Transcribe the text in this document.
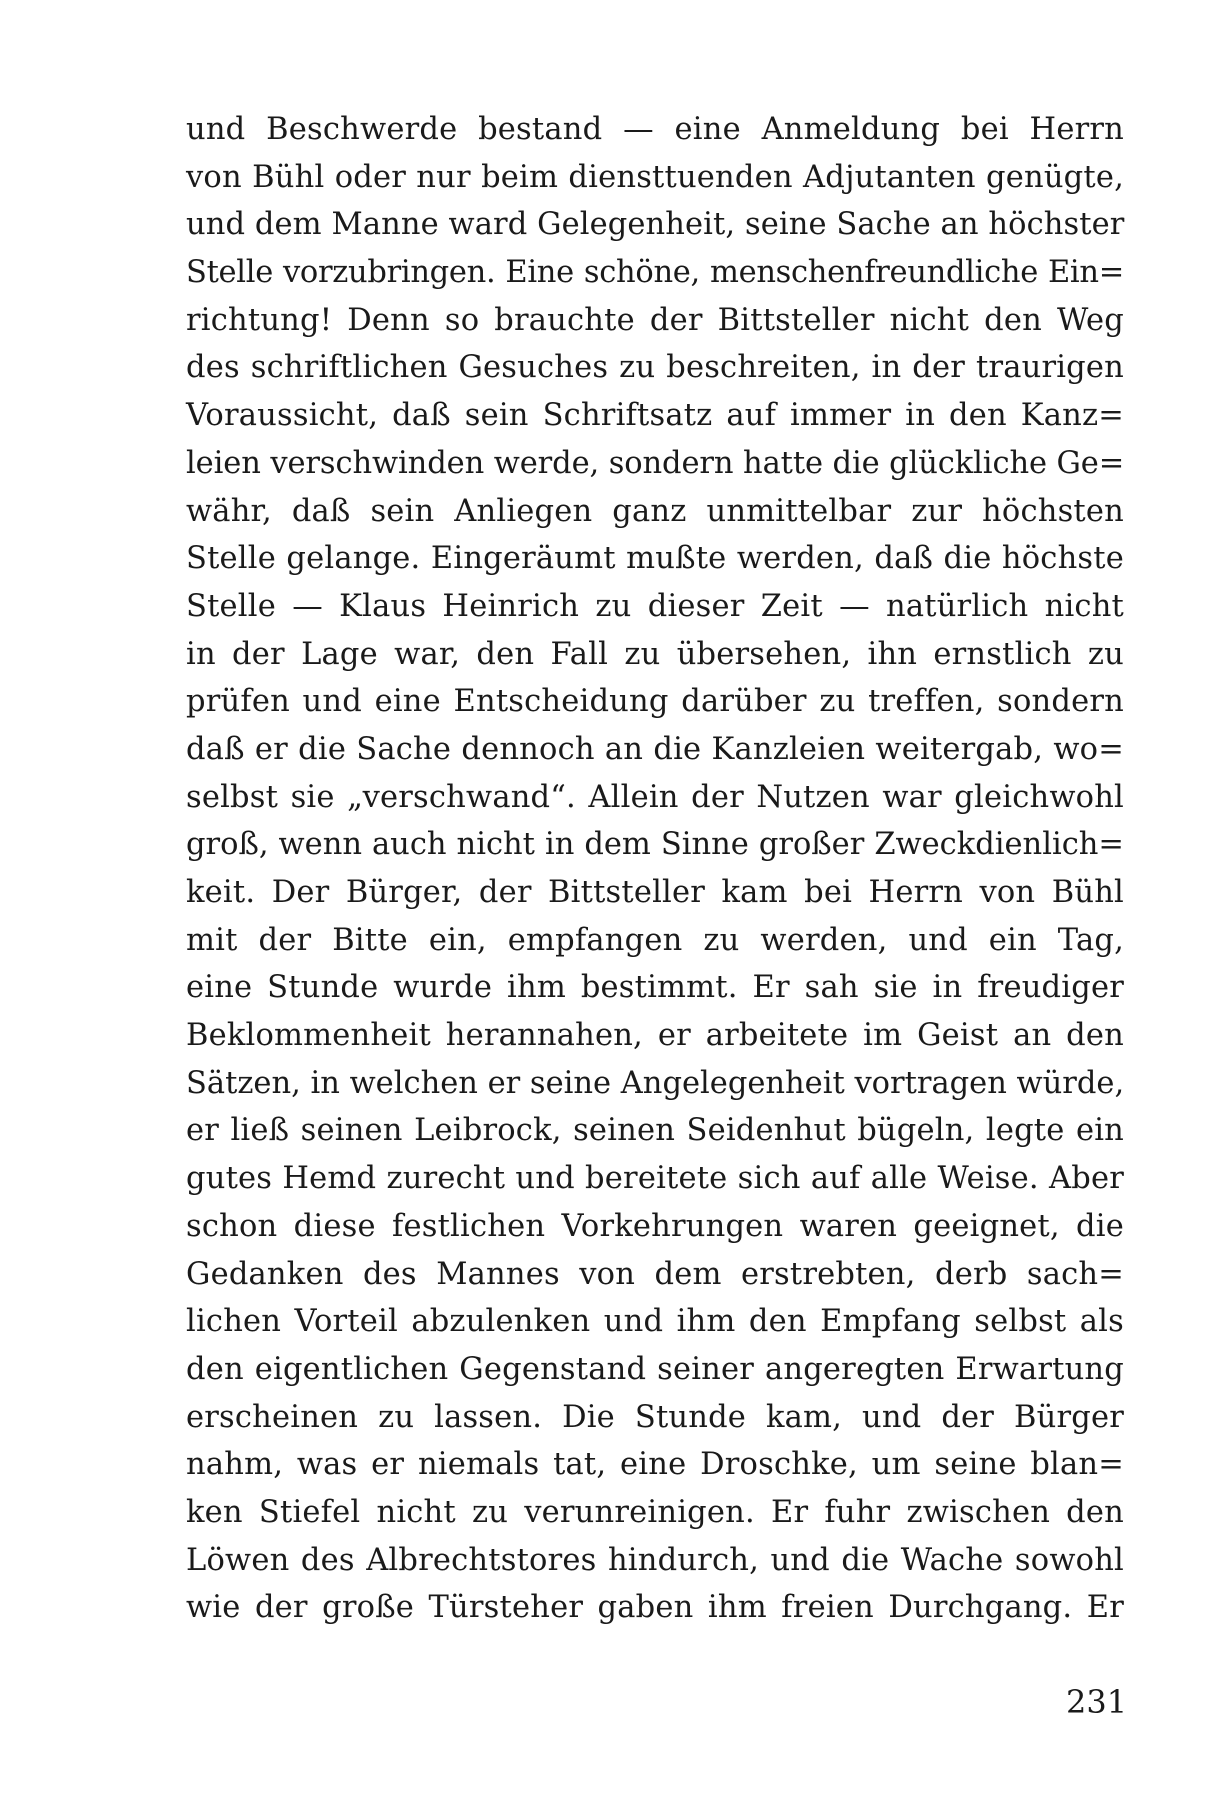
und Beschwerde bestand — eine Anmeldung bei Herrn
von Bühl oder nur beim diensttuenden Adjutanten genügte,
und dem Manne ward Gelegenheit, seine Sache an höchster
Stelle vorzubringen. Eine schöne, menschenfreundliche Ein=
richtung! Denn so brauchte der Bittsteller nicht den Weg
des schriftlichen Gesuches zu beschreiten, in der traurigen
Voraussicht, daß sein Schriftsatz auf immer in den Kanz=
leien verschwinden werde, sondern hatte die glückliche Ge=
währ, daß sein Anliegen ganz unmittelbar zur höchsten
Stelle gelange. Eingeräumt mußte werden, daß die höchste
Stelle — Klaus Heinrich zu dieser Zeit — natürlich nicht
in der Lage war, den Fall zu übersehen, ihn ernstlich zu
prüfen und eine Entscheidung darüber zu treffen, sondern
daß er die Sache dennoch an die Kanzleien weitergab, wo=
selbst sie „verschwand“. Allein der Nutzen war gleichwohl
groß, wenn auch nicht in dem Sinne großer Zweckdienlich=
keit. Der Bürger, der Bittsteller kam bei Herrn von Bühl
mit der Bitte ein, empfangen zu werden, und ein Tag,
eine Stunde wurde ihm bestimmt. Er sah sie in freudiger
Beklommenheit herannahen, er arbeitete im Geist an den
Sätzen, in welchen er seine Angelegenheit vortragen würde,
er ließ seinen Leibrock, seinen Seidenhut bügeln, legte ein
gutes Hemd zurecht und bereitete sich auf alle Weise. Aber
schon diese festlichen Vorkehrungen waren geeignet, die
Gedanken des Mannes von dem erstrebten, derb sach=
lichen Vorteil abzulenken und ihm den Empfang selbst als
den eigentlichen Gegenstand seiner angeregten Erwartung
erscheinen zu lassen. Die Stunde kam, und der Bürger
nahm, was er niemals tat, eine Droschke, um seine blan=
ken Stiefel nicht zu verunreinigen. Er fuhr zwischen den
Löwen des Albrechtstores hindurch, und die Wache sowohl
wie der große Türsteher gaben ihm freien Durchgang. Er
231
